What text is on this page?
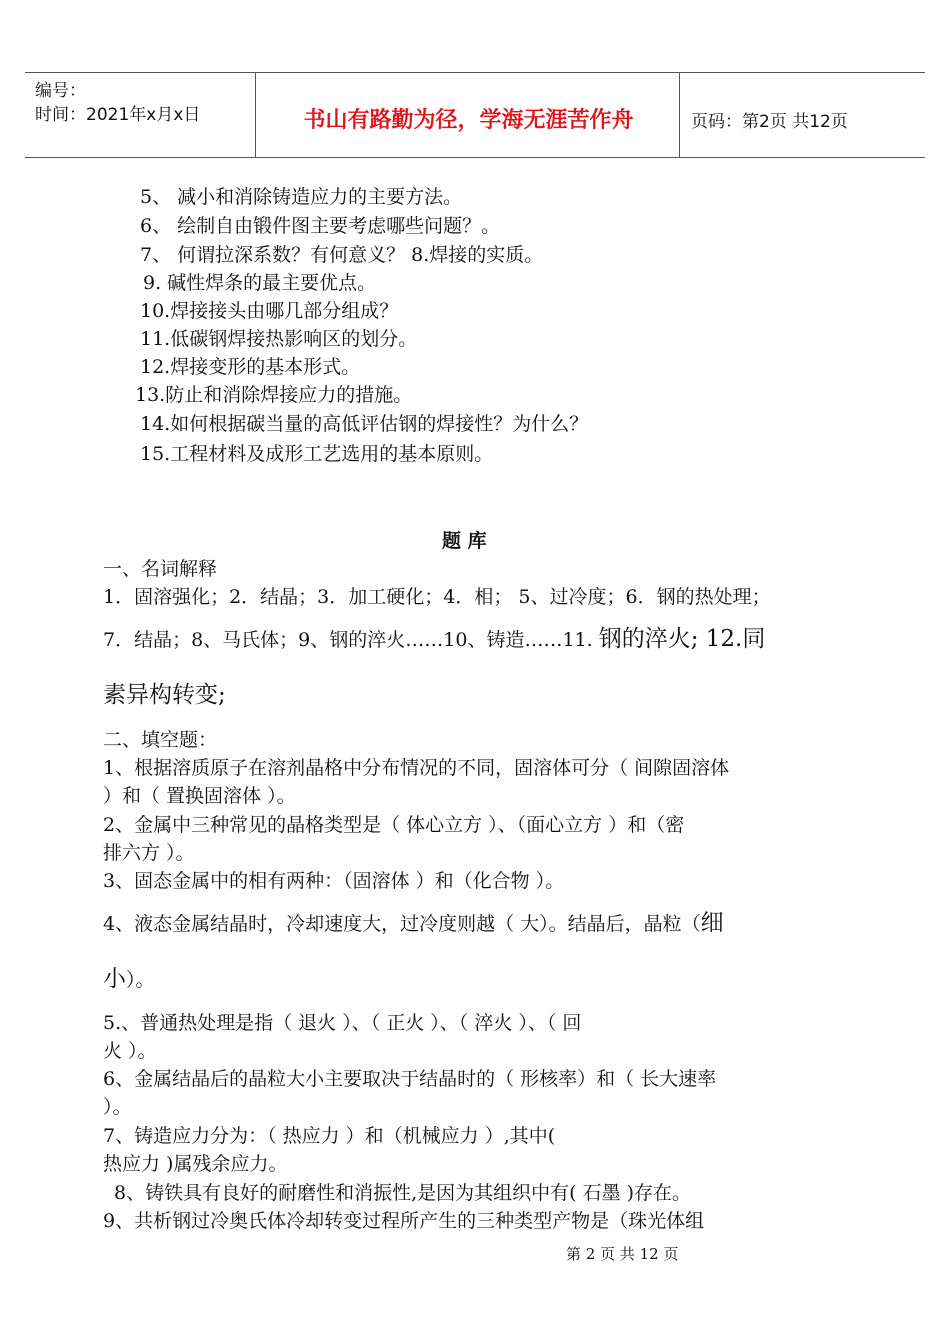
编号：
时间：2021年x月x日	书山有路勤为径，学海无涯苦作舟	页码：第2页 共12页
5、 减小和消除铸造应力的主要方法。
6、 绘制自由锻件图主要考虑哪些问题？。
7、 何谓拉深系数？有何意义？ 8.焊接的实质。
9. 碱性焊条的最主要优点。
10.焊接接头由哪几部分组成？
11.低碳钢焊接热影响区的划分。
12.焊接变形的基本形式。
13.防止和消除焊接应力的措施。
14.如何根据碳当量的高低评估钢的焊接性？为什么？
15.工程材料及成形工艺选用的基本原则。
题 库
一、名词解释
1．固溶强化；2．结晶；3．加工硬化；4．相； 5、过冷度；6．钢的热处理；
7．结晶；8、马氏体；9、钢的淬火……10、铸造……11. 钢的淬火; 12.同
素异构转变;
二、填空题：
1、根据溶质原子在溶剂晶格中分布情况的不同，固溶体可分（ 间隙固溶体
）和（ 置换固溶体 ）。
2、金属中三种常见的晶格类型是（ 体心立方 ）、（面心立方 ）和（密
排六方 ）。
3、固态金属中的相有两种：（固溶体 ）和（化合物 ）。
4、液态金属结晶时，冷却速度大，过冷度则越（ 大）。结晶后，晶粒（细
小）。
5.、普通热处理是指（ 退火 ）、（ 正火 ）、（ 淬火 ）、（ 回
火 ）。
6、金属结晶后的晶粒大小主要取决于结晶时的（ 形核率）和（ 长大速率
）。
7、铸造应力分为：（ 热应力 ）和（机械应力 ）,其中(
热应力 )属残余应力。
8、铸铁具有良好的耐磨性和消振性,是因为其组织中有( 石墨 )存在。
9、共析钢过冷奥氏体冷却转变过程所产生的三种类型产物是（珠光体组
第 2 页 共 12 页
